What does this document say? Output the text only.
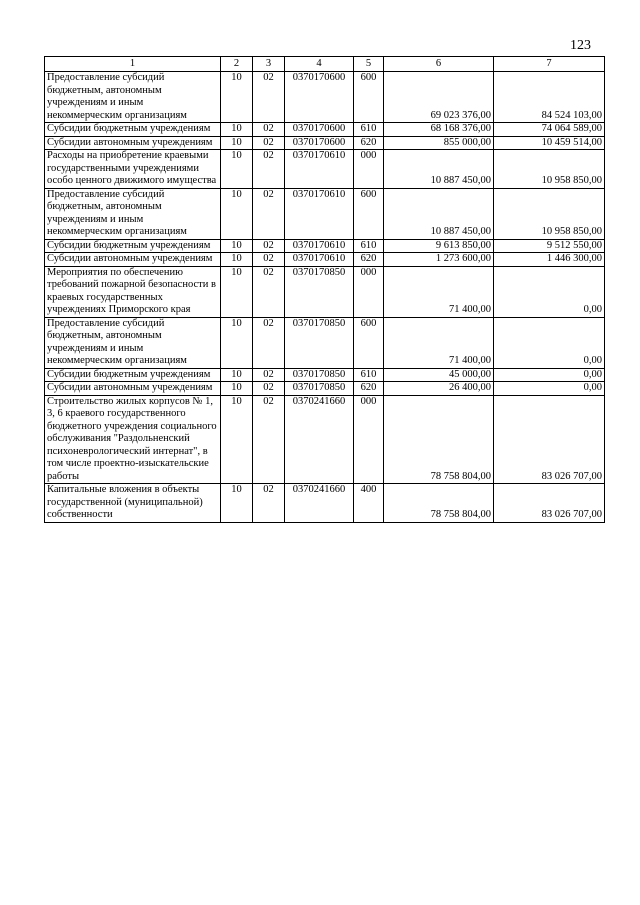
123
1	2	3	4	5	6	7
Предоставление субсидий бюджетным, автономным учреждениям и иным некоммерческим организациям	10	02	0370170600	600	69 023 376,00	84 524 103,00
Субсидии бюджетным учреждениям	10	02	0370170600	610	68 168 376,00	74 064 589,00
Субсидии автономным учреждениям	10	02	0370170600	620	855 000,00	10 459 514,00
Расходы на приобретение краевыми государственными учреждениями особо ценного движимого имущества	10	02	0370170610	000	10 887 450,00	10 958 850,00
Предоставление субсидий бюджетным, автономным учреждениям и иным некоммерческим организациям	10	02	0370170610	600	10 887 450,00	10 958 850,00
Субсидии бюджетным учреждениям	10	02	0370170610	610	9 613 850,00	9 512 550,00
Субсидии автономным учреждениям	10	02	0370170610	620	1 273 600,00	1 446 300,00
Мероприятия по обеспечению требований пожарной безопасности в краевых государственных учреждениях Приморского края	10	02	0370170850	000	71 400,00	0,00
Предоставление субсидий бюджетным, автономным учреждениям и иным некоммерческим организациям	10	02	0370170850	600	71 400,00	0,00
Субсидии бюджетным учреждениям	10	02	0370170850	610	45 000,00	0,00
Субсидии автономным учреждениям	10	02	0370170850	620	26 400,00	0,00
Строительство жилых корпусов № 1, 3, 6 краевого государственного бюджетного учреждения социального обслуживания "Раздольненский психоневрологический интернат", в том числе проектно-изыскательские работы	10	02	0370241660	000	78 758 804,00	83 026 707,00
Капитальные вложения в объекты государственной (муниципальной) собственности	10	02	0370241660	400	78 758 804,00	83 026 707,00
